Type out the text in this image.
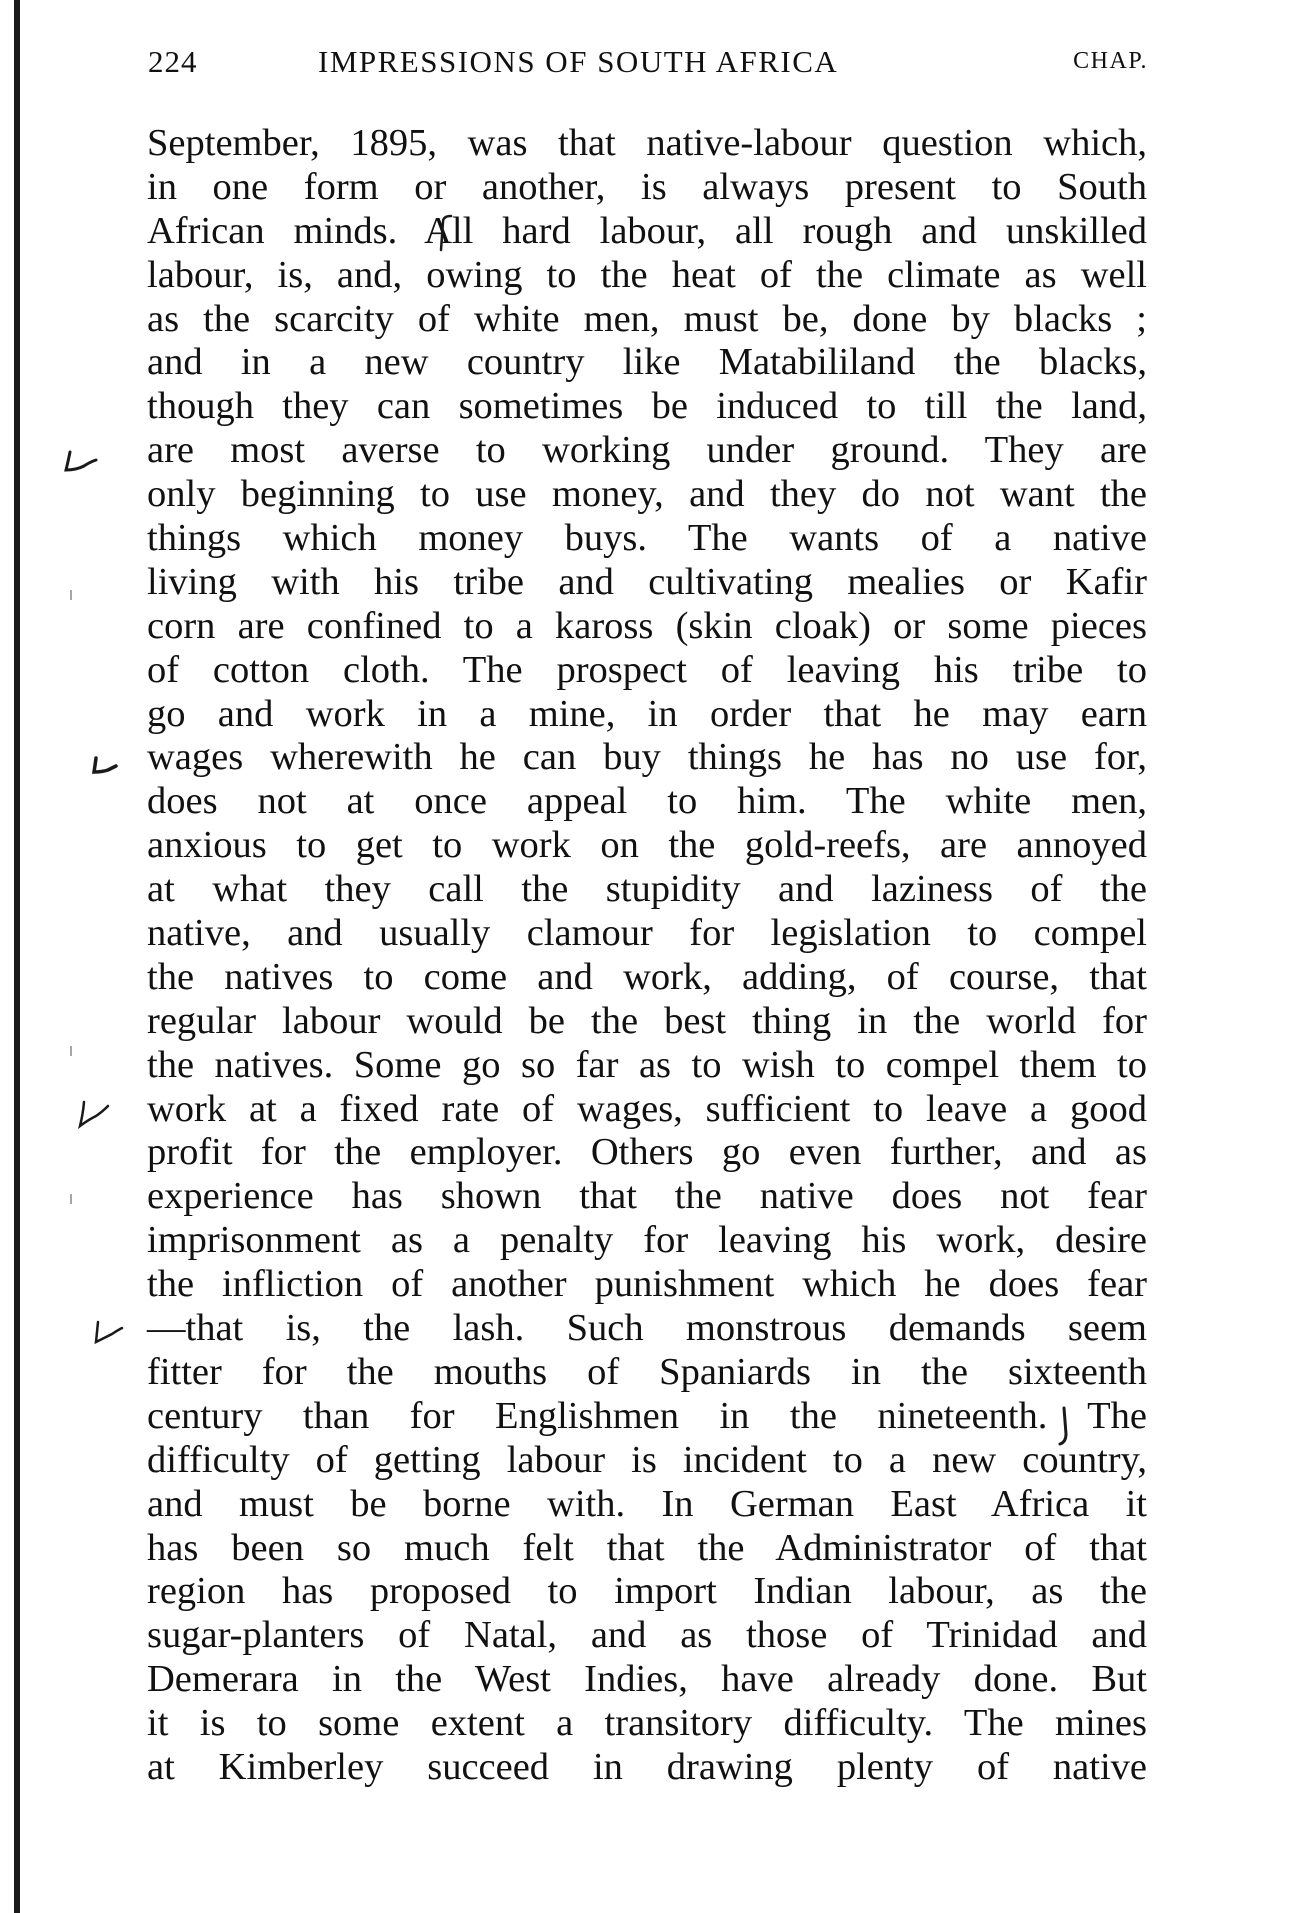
224	IMPRESSIONS OF SOUTH AFRICA	CHAP.
September, 1895, was that native-labour question which,
in one form or another, is always present to South
African minds. All hard labour, all rough and unskilled
labour, is, and, owing to the heat of the climate as well
as the scarcity of white men, must be, done by blacks ;
and in a new country like Matabililand the blacks,
though they can sometimes be induced to till the land,
are most averse to working under ground. They are
only beginning to use money, and they do not want the
things which money buys. The wants of a native
living with his tribe and cultivating mealies or Kafir
corn are confined to a kaross (skin cloak) or some pieces
of cotton cloth. The prospect of leaving his tribe to
go and work in a mine, in order that he may earn
wages wherewith he can buy things he has no use for,
does not at once appeal to him. The white men,
anxious to get to work on the gold-reefs, are annoyed
at what they call the stupidity and laziness of the
native, and usually clamour for legislation to compel
the natives to come and work, adding, of course, that
regular labour would be the best thing in the world for
the natives. Some go so far as to wish to compel them to
work at a fixed rate of wages, sufficient to leave a good
profit for the employer. Others go even further, and as
experience has shown that the native does not fear
imprisonment as a penalty for leaving his work, desire
the infliction of another punishment which he does fear
—that is, the lash. Such monstrous demands seem
fitter for the mouths of Spaniards in the sixteenth
century than for Englishmen in the nineteenth. The
difficulty of getting labour is incident to a new country,
and must be borne with. In German East Africa it
has been so much felt that the Administrator of that
region has proposed to import Indian labour, as the
sugar-planters of Natal, and as those of Trinidad and
Demerara in the West Indies, have already done. But
it is to some extent a transitory difficulty. The mines
at Kimberley succeed in drawing plenty of native
